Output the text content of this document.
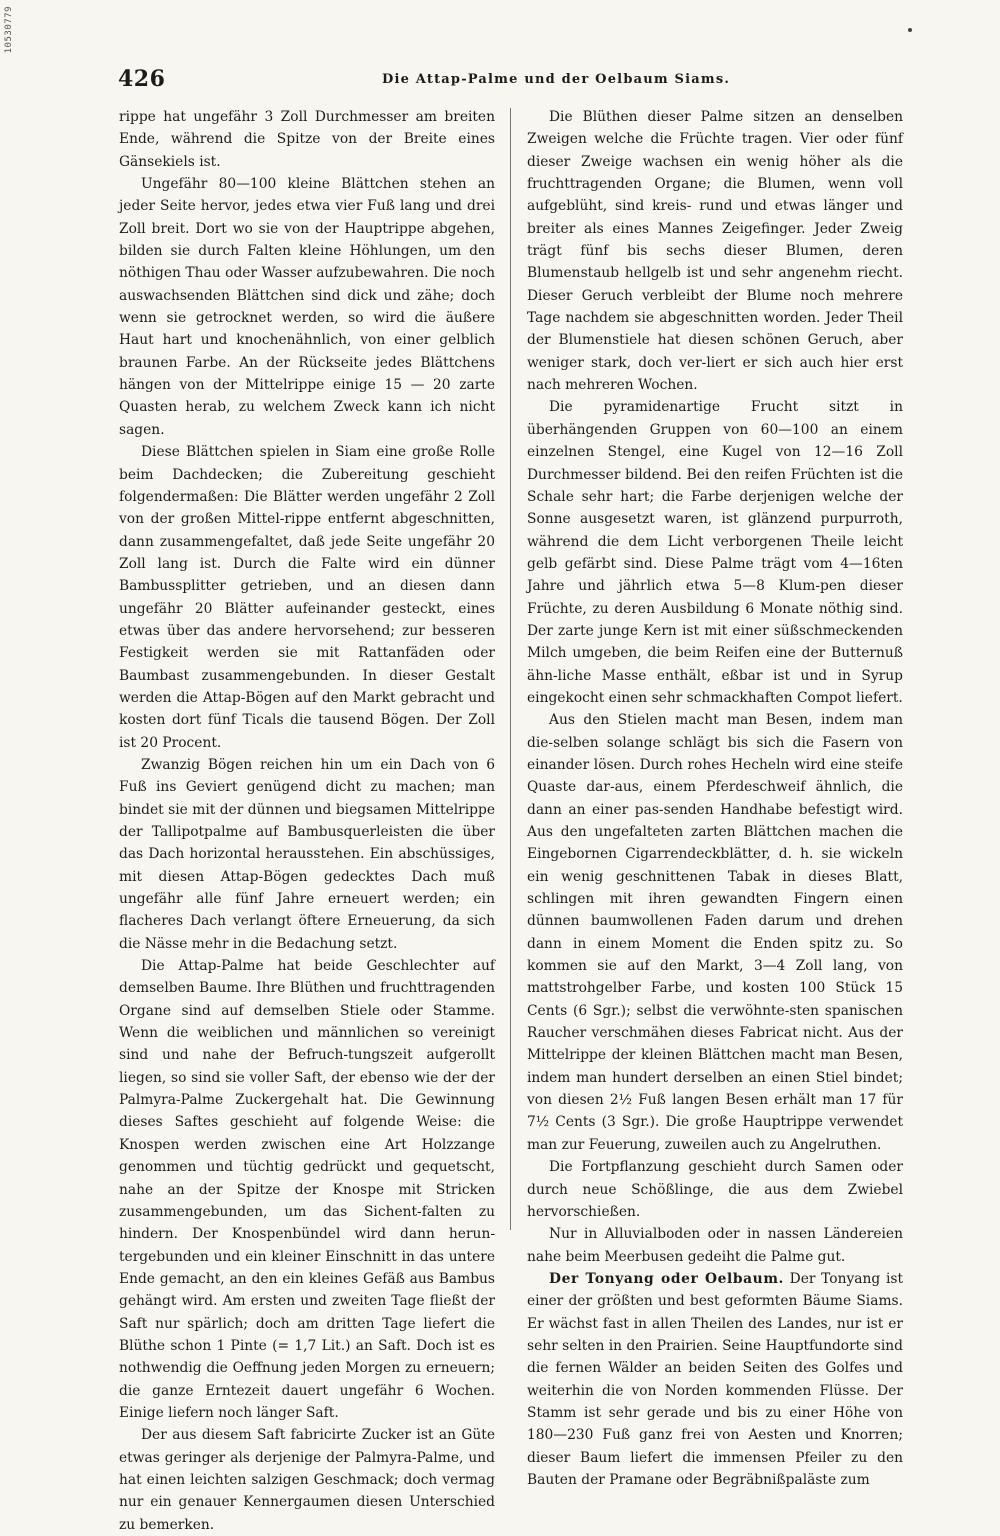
10530779
426	Die Attap-Palme und der Oelbaum Siams.

rippe hat ungefähr 3 Zoll Durchmesser am breiten Ende, während die Spitze von der Breite eines Gänsekiels ist.

Ungefähr 80—100 kleine Blättchen stehen an jeder Seite hervor, jedes etwa vier Fuß lang und drei Zoll breit. Dort wo sie von der Hauptrippe abgehen, bilden sie durch Falten kleine Höhlungen, um den nöthigen Thau oder Wasser aufzubewahren. Die noch auswachsenden Blättchen sind dick und zähe; doch wenn sie getrocknet werden, so wird die äußere Haut hart und knochenähnlich, von einer gelblich braunen Farbe. An der Rückseite jedes Blättchens hängen von der Mittelrippe einige 15 — 20 zarte Quasten herab, zu welchem Zweck kann ich nicht sagen.

Diese Blättchen spielen in Siam eine große Rolle beim Dachdecken; die Zubereitung geschieht folgendermaßen: Die Blätter werden ungefähr 2 Zoll von der großen Mittel-rippe entfernt abgeschnitten, dann zusammengefaltet, daß jede Seite ungefähr 20 Zoll lang ist. Durch die Falte wird ein dünner Bambussplitter getrieben, und an diesen dann ungefähr 20 Blätter aufeinander gesteckt, eines etwas über das andere hervorsehend; zur besseren Festigkeit werden sie mit Rattanfäden oder Baumbast zusammengebunden. In dieser Gestalt werden die Attap-Bögen auf den Markt gebracht und kosten dort fünf Ticals die tausend Bögen. Der Zoll ist 20 Procent.

Zwanzig Bögen reichen hin um ein Dach von 6 Fuß ins Geviert genügend dicht zu machen; man bindet sie mit der dünnen und biegsamen Mittelrippe der Tallipotpalme auf Bambusquerleisten die über das Dach horizontal herausstehen. Ein abschüssiges, mit diesen Attap-Bögen gedecktes Dach muß ungefähr alle fünf Jahre erneuert werden; ein flacheres Dach verlangt öftere Erneuerung, da sich die Nässe mehr in die Bedachung setzt.

Die Attap-Palme hat beide Geschlechter auf demselben Baume. Ihre Blüthen und fruchttragenden Organe sind auf demselben Stiele oder Stamme. Wenn die weiblichen und männlichen so vereinigt sind und nahe der Befruch-tungszeit aufgerollt liegen, so sind sie voller Saft, der ebenso wie der der Palmyra-Palme Zuckergehalt hat. Die Gewinnung dieses Saftes geschieht auf folgende Weise: die Knospen werden zwischen eine Art Holzzange genommen und tüchtig gedrückt und gequetscht, nahe an der Spitze der Knospe mit Stricken zusammengebunden, um das Sichent-falten zu hindern. Der Knospenbündel wird dann herun-tergebunden und ein kleiner Einschnitt in das untere Ende gemacht, an den ein kleines Gefäß aus Bambus gehängt wird. Am ersten und zweiten Tage fließt der Saft nur spärlich; doch am dritten Tage liefert die Blüthe schon 1 Pinte (= 1,7 Lit.) an Saft. Doch ist es nothwendig die Oeffnung jeden Morgen zu erneuern; die ganze Erntezeit dauert ungefähr 6 Wochen. Einige liefern noch länger Saft.

Der aus diesem Saft fabricirte Zucker ist an Güte etwas geringer als derjenige der Palmyra-Palme, und hat einen leichten salzigen Geschmack; doch vermag nur ein genauer Kennergaumen diesen Unterschied zu bemerken.

Die Blüthen dieser Palme sitzen an denselben Zweigen welche die Früchte tragen. Vier oder fünf dieser Zweige wachsen ein wenig höher als die fruchttragenden Organe; die Blumen, wenn voll aufgeblüht, sind kreis- rund und etwas länger und breiter als eines Mannes Zeigefinger. Jeder Zweig trägt fünf bis sechs dieser Blumen, deren Blumenstaub hellgelb ist und sehr angenehm riecht. Dieser Geruch verbleibt der Blume noch mehrere Tage nachdem sie abgeschnitten worden. Jeder Theil der Blumenstiele hat diesen schönen Geruch, aber weniger stark, doch ver-liert er sich auch hier erst nach mehreren Wochen.

Die pyramidenartige Frucht sitzt in überhängenden Gruppen von 60—100 an einem einzelnen Stengel, eine Kugel von 12—16 Zoll Durchmesser bildend. Bei den reifen Früchten ist die Schale sehr hart; die Farbe derjenigen welche der Sonne ausgesetzt waren, ist glänzend purpurroth, während die dem Licht verborgenen Theile leicht gelb gefärbt sind. Diese Palme trägt vom 4—16ten Jahre und jährlich etwa 5—8 Klum-pen dieser Früchte, zu deren Ausbildung 6 Monate nöthig sind. Der zarte junge Kern ist mit einer süßschmeckenden Milch umgeben, die beim Reifen eine der Butternuß ähn-liche Masse enthält, eßbar ist und in Syrup eingekocht einen sehr schmackhaften Compot liefert.

Aus den Stielen macht man Besen, indem man die-selben solange schlägt bis sich die Fasern von einander lösen. Durch rohes Hecheln wird eine steife Quaste dar-aus, einem Pferdeschweif ähnlich, die dann an einer pas-senden Handhabe befestigt wird. Aus den ungefalteten zarten Blättchen machen die Eingebornen Cigarrendeckblätter, d. h. sie wickeln ein wenig geschnittenen Tabak in dieses Blatt, schlingen mit ihren gewandten Fingern einen dünnen baumwollenen Faden darum und drehen dann in einem Moment die Enden spitz zu. So kommen sie auf den Markt, 3—4 Zoll lang, von mattstrohgelber Farbe, und kosten 100 Stück 15 Cents (6 Sgr.); selbst die verwöhnte-sten spanischen Raucher verschmähen dieses Fabricat nicht. Aus der Mittelrippe der kleinen Blättchen macht man Besen, indem man hundert derselben an einen Stiel bindet; von diesen 2½ Fuß langen Besen erhält man 17 für 7½ Cents (3 Sgr.). Die große Hauptrippe verwendet man zur Feuerung, zuweilen auch zu Angelruthen.

Die Fortpflanzung geschieht durch Samen oder durch neue Schößlinge, die aus dem Zwiebel hervorschießen.

Nur in Alluvialboden oder in nassen Ländereien nahe beim Meerbusen gedeiht die Palme gut.

Der Tonyang oder Oelbaum. Der Tonyang ist einer der größten und best geformten Bäume Siams. Er wächst fast in allen Theilen des Landes, nur ist er sehr selten in den Prairien. Seine Hauptfundorte sind die fernen Wälder an beiden Seiten des Golfes und weiterhin die von Norden kommenden Flüsse. Der Stamm ist sehr gerade und bis zu einer Höhe von 180—230 Fuß ganz frei von Aesten und Knorren; dieser Baum liefert die immensen Pfeiler zu den Bauten der Pramane oder Begräbnißpaläste zum
